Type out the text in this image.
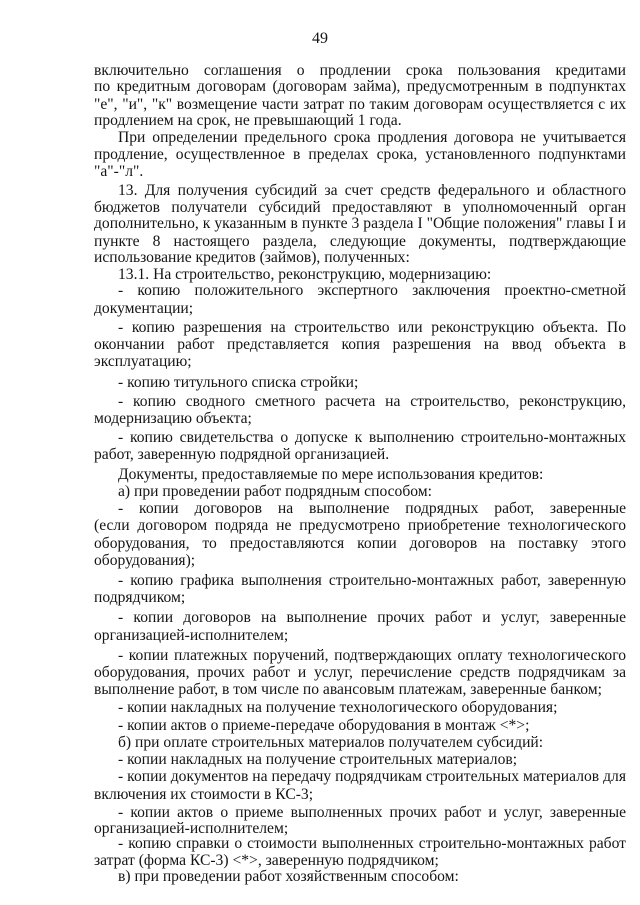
49
включительно соглашения о продлении срока пользования кредитами
по кредитным договорам (договорам займа), предусмотренным в подпунктах
"е", "и", "к" возмещение части затрат по таким договорам осуществляется с их
продлением на срок, не превышающий 1 года.
При определении предельного срока продления договора не учитывается
продление, осуществленное в пределах срока, установленного подпунктами
"а"-"л".
13. Для получения субсидий за счет средств федерального и областного
бюджетов получатели субсидий предоставляют в уполномоченный орган
дополнительно, к указанным в пункте 3 раздела I "Общие положения" главы I и
пункте 8 настоящего раздела, следующие документы, подтверждающие
использование кредитов (займов), полученных:
13.1. На строительство, реконструкцию, модернизацию:
- копию положительного экспертного заключения проектно-сметной
документации;
- копию разрешения на строительство или реконструкцию объекта. По
окончании работ представляется копия разрешения на ввод объекта в
эксплуатацию;
- копию титульного списка стройки;
- копию сводного сметного расчета на строительство, реконструкцию,
модернизацию объекта;
- копию свидетельства о допуске к выполнению строительно-монтажных
работ, заверенную подрядной организацией.
Документы, предоставляемые по мере использования кредитов:
а) при проведении работ подрядным способом:
- копии договоров на выполнение подрядных работ, заверенные
(если договором подряда не предусмотрено приобретение технологического
оборудования, то предоставляются копии договоров на поставку этого
оборудования);
- копию графика выполнения строительно-монтажных работ, заверенную
подрядчиком;
- копии договоров на выполнение прочих работ и услуг, заверенные
организацией-исполнителем;
- копии платежных поручений, подтверждающих оплату технологического
оборудования, прочих работ и услуг, перечисление средств подрядчикам за
выполнение работ, в том числе по авансовым платежам, заверенные банком;
- копии накладных на получение технологического оборудования;
- копии актов о приеме-передаче оборудования в монтаж <*>;
б) при оплате строительных материалов получателем субсидий:
- копии накладных на получение строительных материалов;
- копии документов на передачу подрядчикам строительных материалов для
включения их стоимости в КС-3;
- копии актов о приеме выполненных прочих работ и услуг, заверенные
организацией-исполнителем;
- копию справки о стоимости выполненных строительно-монтажных работ
затрат (форма КС-3) <*>, заверенную подрядчиком;
в) при проведении работ хозяйственным способом:
